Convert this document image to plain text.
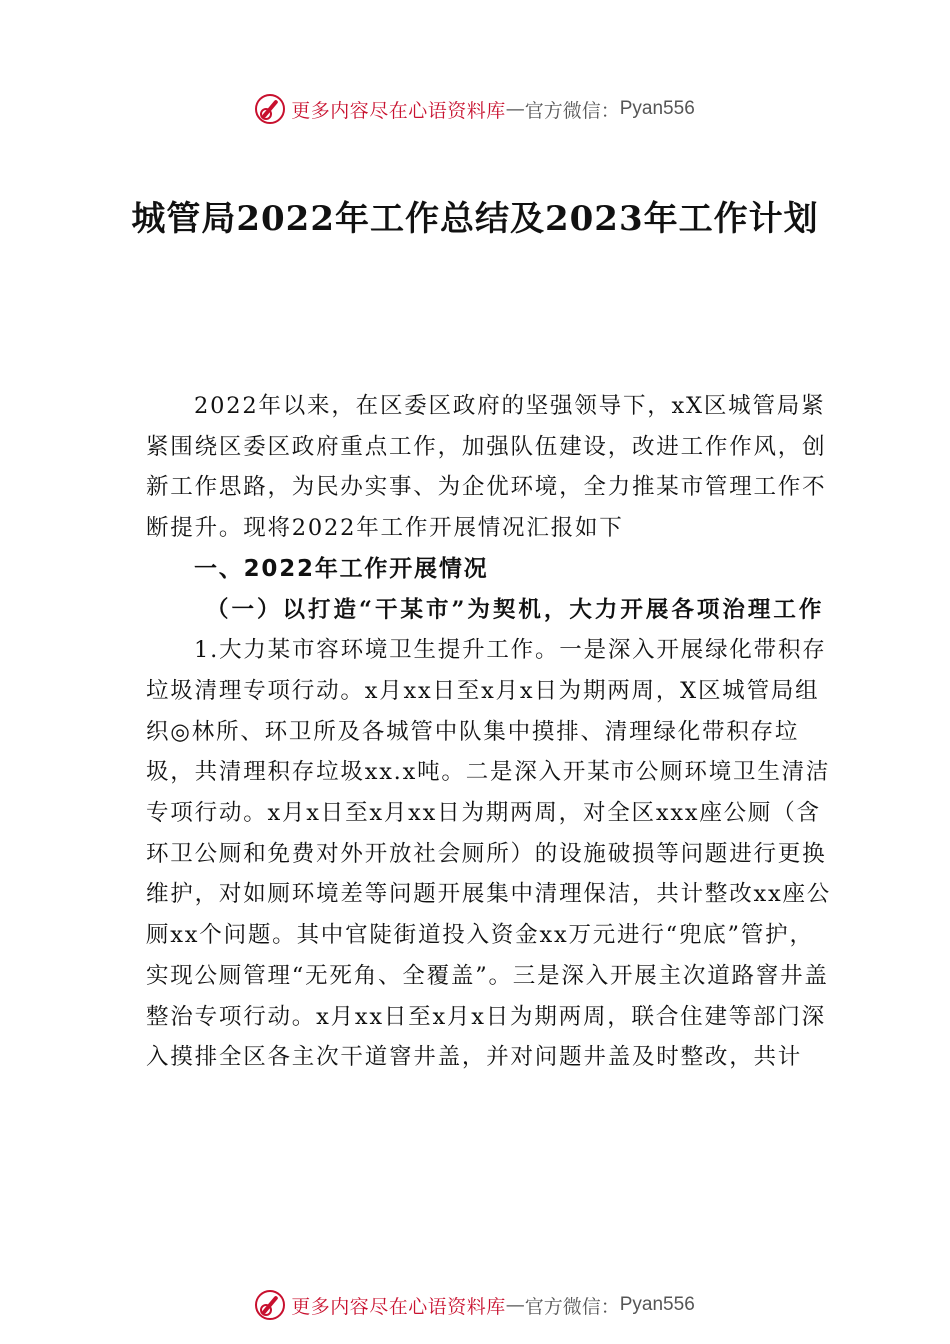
更多内容尽在心语资料库 — 官方微信： Pyan556
城管局2022年工作总结及2023年工作计划

2022年以来，在区委区政府的坚强领导下，xX区城管局紧紧围绕区委区政府重点工作，加强队伍建设，改进工作作风，创新工作思路，为民办实事、为企优环境，全力推某市管理工作不断提升。现将2022年工作开展情况汇报如下

一、2022年工作开展情况

（一）以打造“干某市”为契机，大力开展各项治理工作

1.大力某市容环境卫生提升工作。一是深入开展绿化带积存垃圾清理专项行动。x月xx日至x月x日为期两周，X区城管局组织◎林所、环卫所及各城管中队集中摸排、清理绿化带积存垃圾，共清理积存垃圾xx.x吨。二是深入开某市公厕环境卫生清洁专项行动。x月x日至x月xx日为期两周，对全区xxx座公厕（含环卫公厕和免费对外开放社会厕所）的设施破损等问题进行更换维护，对如厕环境差等问题开展集中清理保洁，共计整改xx座公厕xx个问题。其中官陡街道投入资金xx万元进行“兜底”管护，实现公厕管理“无死角、全覆盖”。三是深入开展主次道路窨井盖整治专项行动。x月xx日至x月x日为期两周，联合住建等部门深入摸排全区各主次干道窨井盖，并对问题井盖及时整改，共计

更多内容尽在心语资料库 — 官方微信： Pyan556
